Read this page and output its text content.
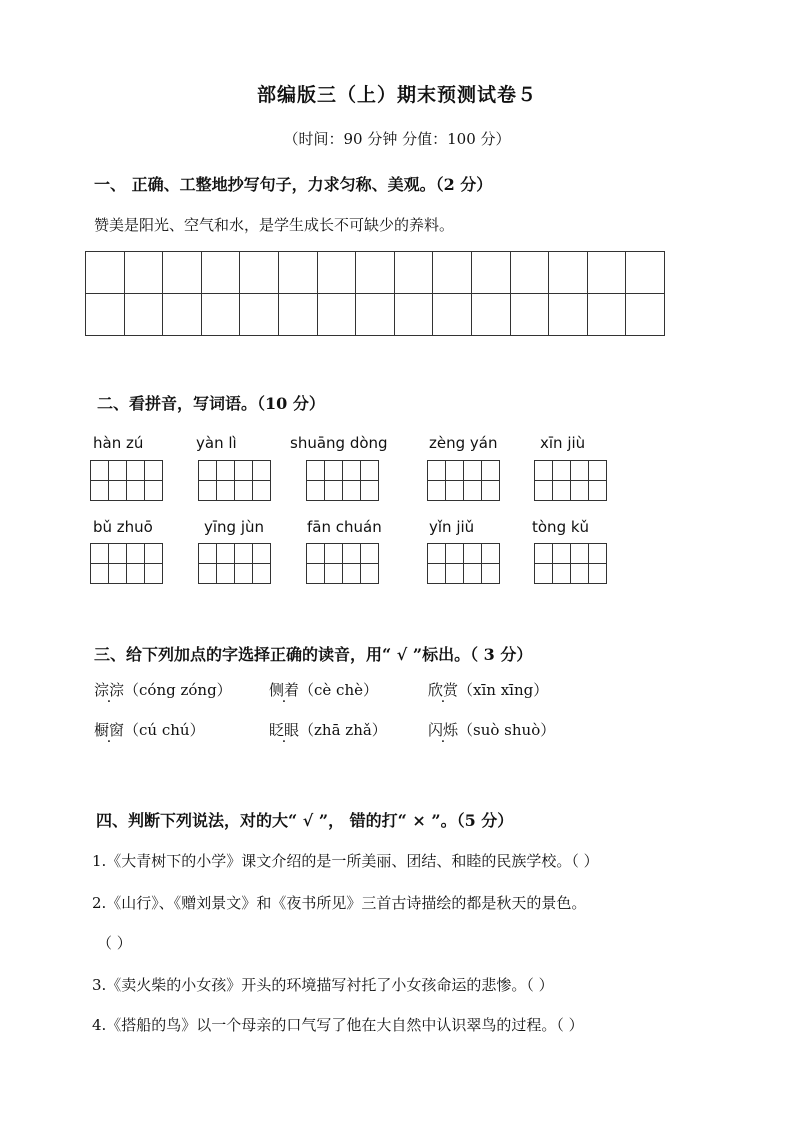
部编版三（上）期末预测试卷５
（时间：90 分钟 分值：100 分）
一、 正确、工整地抄写句子，力求匀称、美观。（2 分）
赞美是阳光、空气和水，是学生成长不可缺少的养料。

二、看拼音，写词语。（10 分）
hàn zú	yàn lì	shuāng dòng	zèng yán	xīn jiù

bǔ zhuō	yīng jùn	fān chuán	yǐn jiǔ	tòng kǔ

三、给下列加点的字选择正确的读音，用“ √ ”标出。（ 3 分）
淙淙（cóng zóng） 侧着（cè chè）	欣赏（xīn xīng）
橱窗（cú chú）	眨眼（zhā zhǎ）	闪烁（suò shuò）
四、判断下列说法，对的大“ √ ”， 错的打“ × ”。（5 分）
1.《大青树下的小学》课文介绍的是一所美丽、团结、和睦的民族学校。（ ）
2.《山行》、《赠刘景文》和《夜书所见》三首古诗描绘的都是秋天的景色。
（ ）
3.《卖火柴的小女孩》开头的环境描写衬托了小女孩命运的悲惨。（ ）
4.《搭船的鸟》以一个母亲的口气写了他在大自然中认识翠鸟的过程。（ ）
